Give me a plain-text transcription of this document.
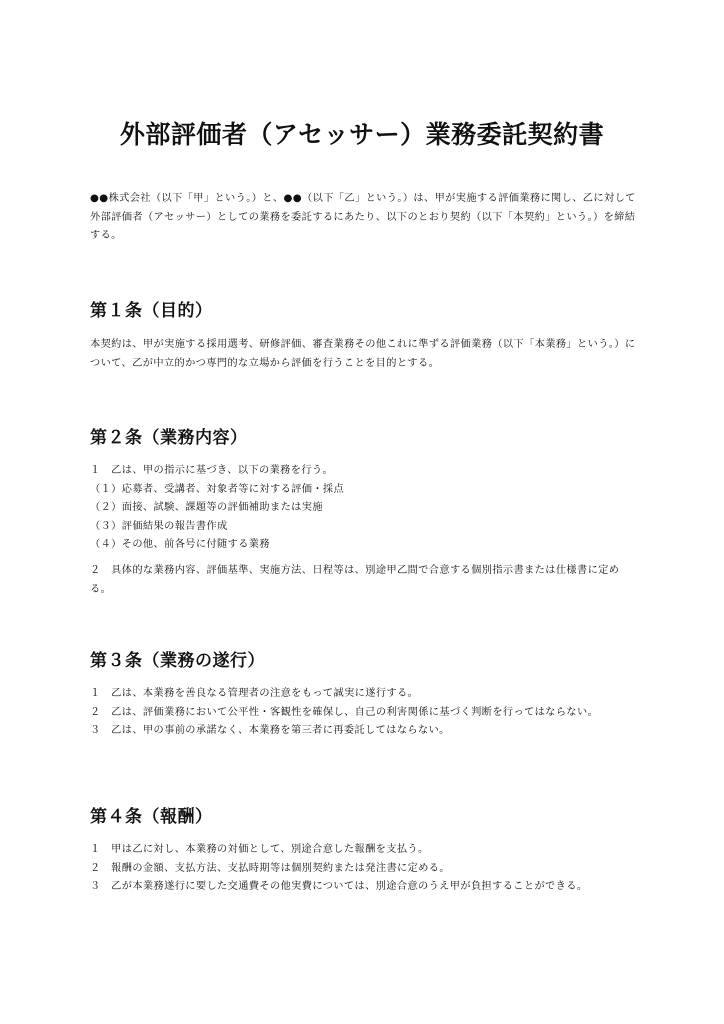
外部評価者（アセッサー）業務委託契約書

●●株式会社（以下「甲」という。）と、●●（以下「乙」という。）は、甲が実施する評価業務に関し、乙に対して外部評価者（アセッサー）としての業務を委託するにあたり、以下のとおり契約（以下「本契約」という。）を締結する。

第１条（目的）

本契約は、甲が実施する採用選考、研修評価、審査業務その他これに準ずる評価業務（以下「本業務」という。）について、乙が中立的かつ専門的な立場から評価を行うことを目的とする。

第２条（業務内容）
１　乙は、甲の指示に基づき、以下の業務を行う。
（１）応募者、受講者、対象者等に対する評価・採点
（２）面接、試験、課題等の評価補助または実施
（３）評価結果の報告書作成
（４）その他、前各号に付随する業務
２　具体的な業務内容、評価基準、実施方法、日程等は、別途甲乙間で合意する個別指示書または仕様書に定める。
第３条（業務の遂行）
１　乙は、本業務を善良なる管理者の注意をもって誠実に遂行する。
２　乙は、評価業務において公平性・客観性を確保し、自己の利害関係に基づく判断を行ってはならない。
３　乙は、甲の事前の承諾なく、本業務を第三者に再委託してはならない。
第４条（報酬）
１　甲は乙に対し、本業務の対価として、別途合意した報酬を支払う。
２　報酬の金額、支払方法、支払時期等は個別契約または発注書に定める。
３　乙が本業務遂行に要した交通費その他実費については、別途合意のうえ甲が負担することができる。
